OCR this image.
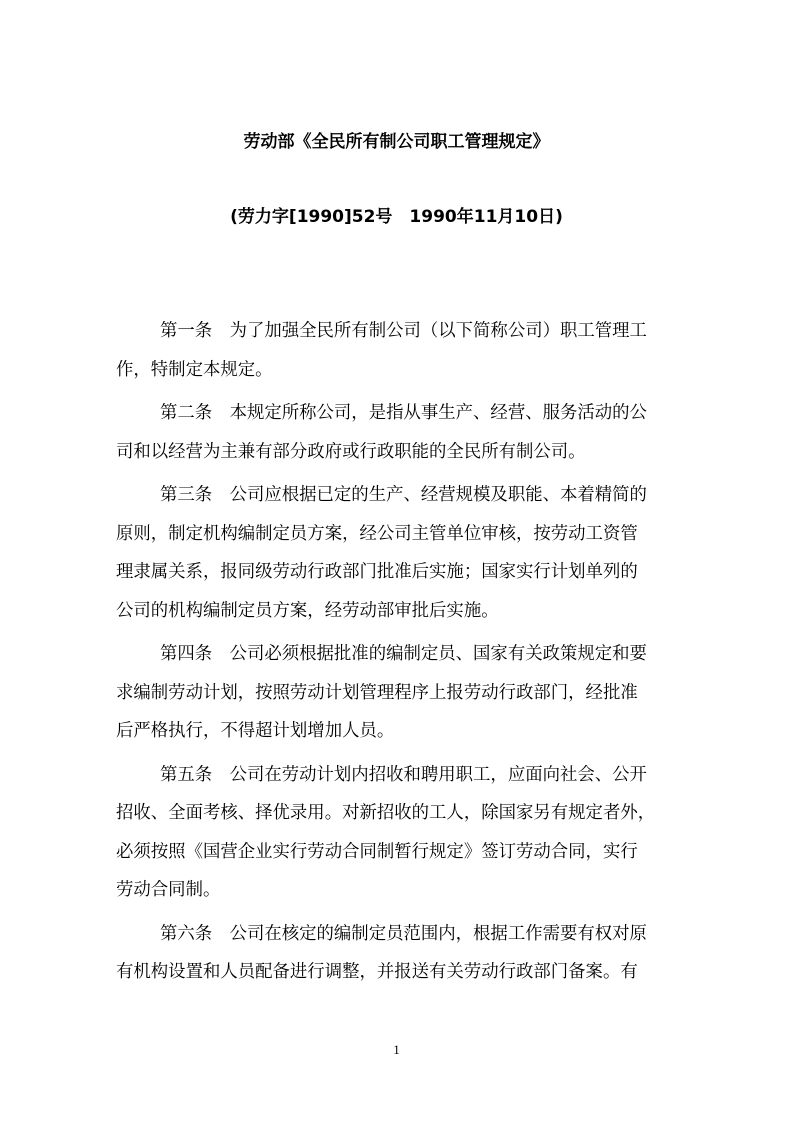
劳动部《全民所有制公司职工管理规定》
(劳力字[1990]52号　1990年11月10日)
第一条　为了加强全民所有制公司（以下简称公司）职工管理工
作，特制定本规定。
第二条　本规定所称公司，是指从事生产、经营、服务活动的公
司和以经营为主兼有部分政府或行政职能的全民所有制公司。
第三条　公司应根据已定的生产、经营规模及职能、本着精简的
原则，制定机构编制定员方案，经公司主管单位审核，按劳动工资管
理隶属关系，报同级劳动行政部门批准后实施；国家实行计划单列的
公司的机构编制定员方案，经劳动部审批后实施。
第四条　公司必须根据批准的编制定员、国家有关政策规定和要
求编制劳动计划，按照劳动计划管理程序上报劳动行政部门，经批准
后严格执行，不得超计划增加人员。
第五条　公司在劳动计划内招收和聘用职工，应面向社会、公开
招收、全面考核、择优录用。对新招收的工人，除国家另有规定者外，
必须按照《国营企业实行劳动合同制暂行规定》签订劳动合同，实行
劳动合同制。
第六条　公司在核定的编制定员范围内，根据工作需要有权对原
有机构设置和人员配备进行调整，并报送有关劳动行政部门备案。有
1
